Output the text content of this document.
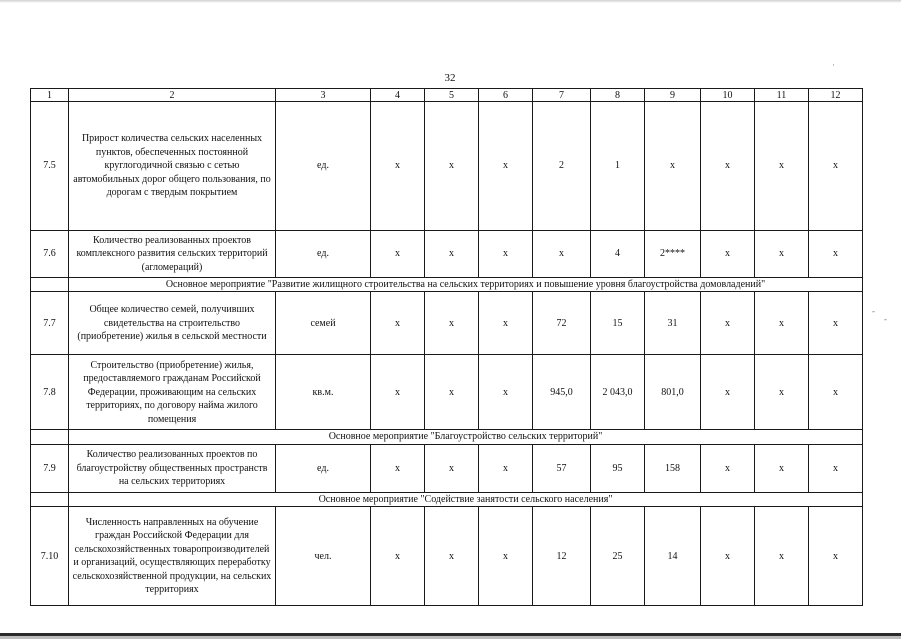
32
1	2	3	4	5	6	7	8	9	10	11	12
7.5	Прирост количества сельских населенных пунктов, обеспеченных постоянной круглогодичной связью с сетью автомобильных дорог общего пользования, по дорогам с твердым покрытием	ед.	х	х	х	2	1	х	х	х	х
7.6	Количество реализованных проектов комплексного развития сельских территорий (агломераций)	ед.	х	х	х	х	4	2****	х	х	х
	Основное мероприятие "Развитие жилищного строительства на сельских территориях и повышение уровня благоустройства домовладений"										
7.7	Общее количество семей, получивших свидетельства на строительство (приобретение) жилья в сельской местности	семей	х	х	х	72	15	31	х	х	х
7.8	Строительство (приобретение) жилья, предоставляемого гражданам Российской Федерации, проживающим на сельских территориях, по договору найма жилого помещения	кв.м.	х	х	х	945,0	2 043,0	801,0	х	х	х
	Основное мероприятие "Благоустройство сельских территорий"										
7.9	Количество реализованных проектов по благоустройству общественных пространств на сельских территориях	ед.	х	х	х	57	95	158	х	х	х
	Основное мероприятие "Содействие занятости сельского населения"										
7.10	Численность направленных на обучение граждан Российской Федерации для сельскохозяйственных товаропроизводителей и организаций, осуществляющих переработку сельскохозяйственной продукции, на сельских территориях	чел.	х	х	х	12	25	14	х	х	х
·
-
-
